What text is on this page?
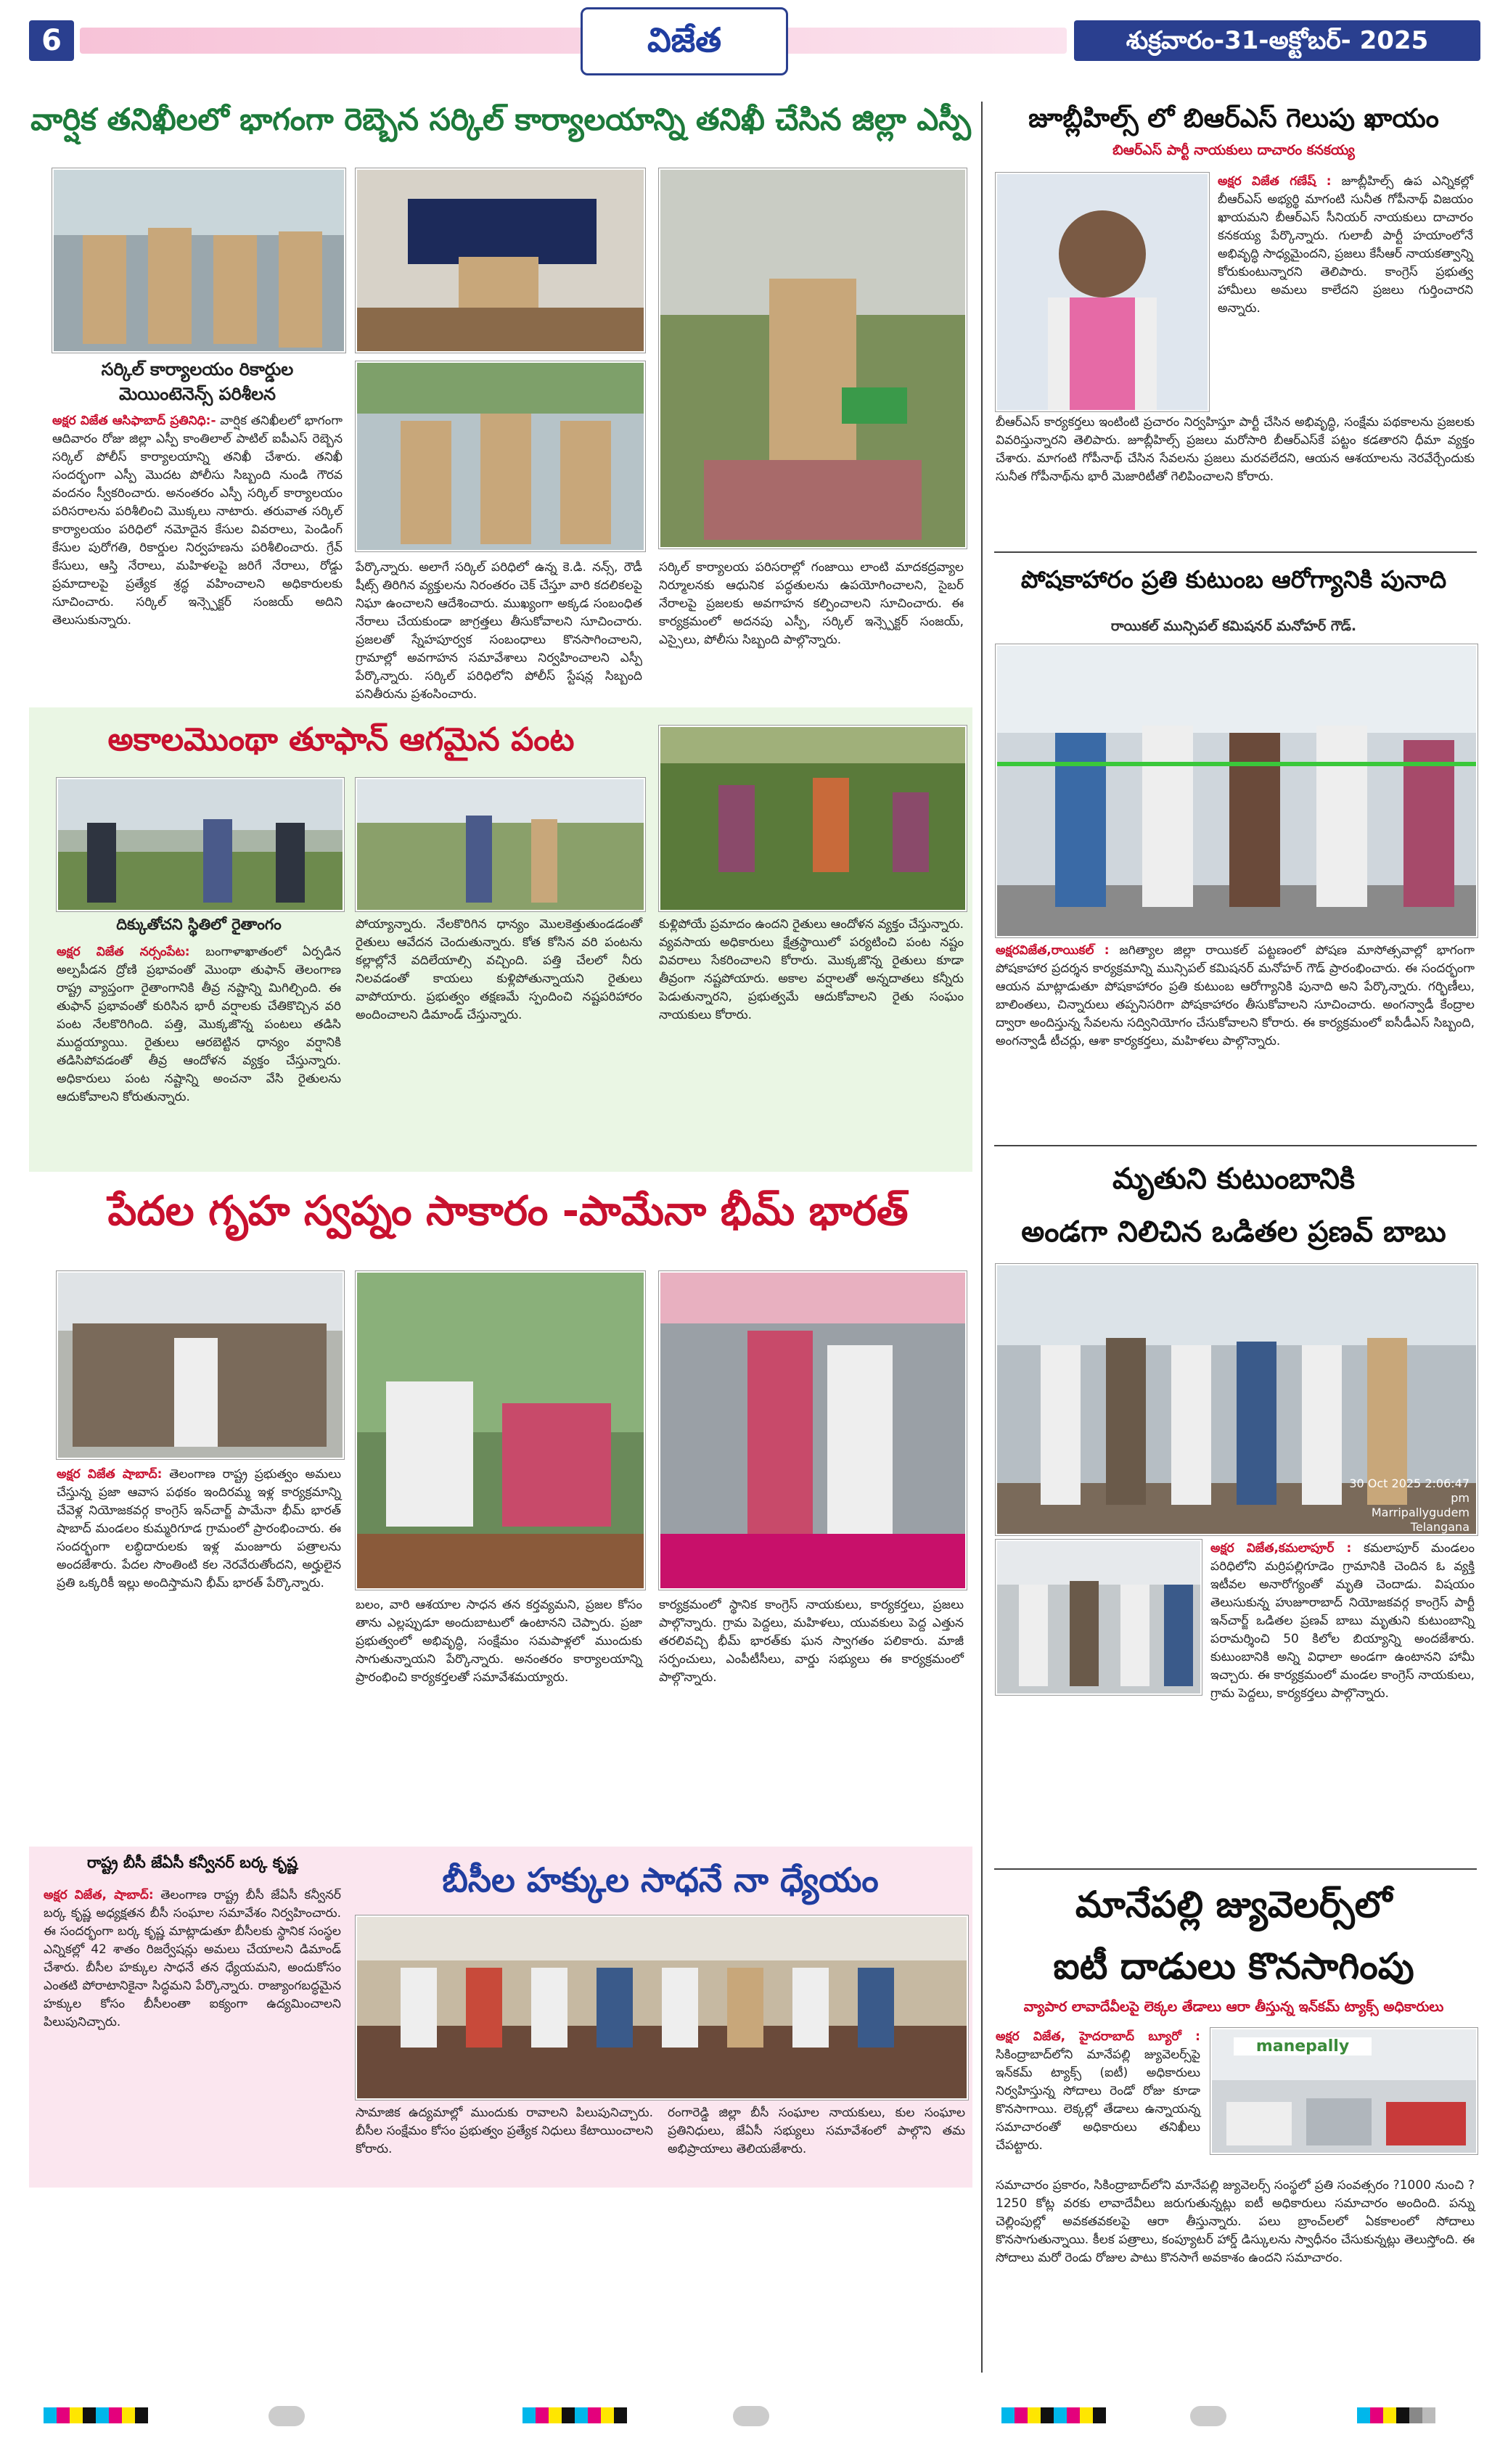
6	విజేత	శుక్రవారం-31-అక్టోబర్- 2025
వార్షిక తనిఖీలలో భాగంగా రెబ్బెన సర్కిల్ కార్యాలయాన్ని తనిఖీ చేసిన జిల్లా ఎస్పీ
సర్కిల్ కార్యాలయం రికార్డుల మెయింటెనెన్స్ పరిశీలన
అక్షర విజేత ఆసిఫాబాద్ ప్రతినిధి:- వార్షిక తనిఖీలలో భాగంగా ఆదివారం రోజు జిల్లా ఎస్పీ కాంతిలాల్ పాటిల్ ఐపీఎస్ రెబ్బెన సర్కిల్ పోలీస్ కార్యాలయాన్ని తనిఖీ చేశారు. తనిఖీ సందర్భంగా ఎస్పీ మొదట పోలీసు సిబ్బంది నుండి గౌరవ వందనం స్వీకరించారు. అనంతరం ఎస్పీ సర్కిల్ కార్యాలయం పరిసరాలను పరిశీలించి మొక్కలు నాటారు. తరువాత సర్కిల్ కార్యాలయం పరిధిలో నమోదైన కేసుల వివరాలు, పెండింగ్ కేసుల పురోగతి, రికార్డుల నిర్వహణను పరిశీలించారు. గ్రేవ్ కేసులు, ఆస్తి నేరాలు, మహిళలపై జరిగే నేరాలు, రోడ్డు ప్రమాదాలపై ప్రత్యేక శ్రద్ధ వహించాలని అధికారులకు సూచించారు. సర్కిల్ ఇన్స్పెక్టర్ సంజయ్ అదిని తెలుసుకున్నారు.
పేర్కొన్నారు. అలాగే సర్కిల్ పరిధిలో ఉన్న కె.డి. నన్స్, రౌడీ షీట్స్ తిరిగిన వ్యక్తులను నిరంతరం చెక్ చేస్తూ వారి కదలికలపై నిఘా ఉంచాలని ఆదేశించారు. ముఖ్యంగా అక్కడ సంబంధిత నేరాలు చేయకుండా జాగ్రత్తలు తీసుకోవాలని సూచించారు. ప్రజలతో స్నేహపూర్వక సంబంధాలు కొనసాగించాలని, గ్రామాల్లో అవగాహన సమావేశాలు నిర్వహించాలని ఎస్పీ పేర్కొన్నారు. సర్కిల్ పరిధిలోని పోలీస్ స్టేషన్ల సిబ్బంది పనితీరును ప్రశంసించారు.
సర్కిల్ కార్యాలయ పరిసరాల్లో గంజాయి లాంటి మాదకద్రవ్యాల నిర్మూలనకు ఆధునిక పద్ధతులను ఉపయోగించాలని, సైబర్ నేరాలపై ప్రజలకు అవగాహన కల్పించాలని సూచించారు. ఈ కార్యక్రమంలో అదనపు ఎస్పీ, సర్కిల్ ఇన్స్పెక్టర్ సంజయ్, ఎస్సైలు, పోలీసు సిబ్బంది పాల్గొన్నారు.
అకాలమొంథా తూఫాన్ ఆగమైన పంట
దిక్కుతోచని స్థితిలో రైతాంగం
అక్షర విజేత నర్సంపేట: బంగాళాఖాతంలో ఏర్పడిన అల్పపీడన ద్రోణి ప్రభావంతో మొంథా తుఫాన్ తెలంగాణ రాష్ట్ర వ్యాప్తంగా రైతాంగానికి తీవ్ర నష్టాన్ని మిగిల్చింది. ఈ తుఫాన్ ప్రభావంతో కురిసిన భారీ వర్షాలకు చేతికొచ్చిన వరి పంట నేలకొరిగింది. పత్తి, మొక్కజొన్న పంటలు తడిసి ముద్దయ్యాయి. రైతులు ఆరబెట్టిన ధాన్యం వర్షానికి తడిసిపోవడంతో తీవ్ర ఆందోళన వ్యక్తం చేస్తున్నారు. అధికారులు పంట నష్టాన్ని అంచనా వేసి రైతులను ఆదుకోవాలని కోరుతున్నారు.
పోయ్యాన్నారు. నేలకొరిగిన ధాన్యం మొలకెత్తుతుండడంతో రైతులు ఆవేదన చెందుతున్నారు. కోత కోసిన వరి పంటను కల్లాల్లోనే వదిలేయాల్సి వచ్చింది. పత్తి చేలలో నీరు నిలవడంతో కాయలు కుళ్లిపోతున్నాయని రైతులు వాపోయారు. ప్రభుత్వం తక్షణమే స్పందించి నష్టపరిహారం అందించాలని డిమాండ్ చేస్తున్నారు.
కుళ్లిపోయే ప్రమాదం ఉందని రైతులు ఆందోళన వ్యక్తం చేస్తున్నారు. వ్యవసాయ అధికారులు క్షేత్రస్థాయిలో పర్యటించి పంట నష్టం వివరాలు సేకరించాలని కోరారు. మొక్కజొన్న రైతులు కూడా తీవ్రంగా నష్టపోయారు. అకాల వర్షాలతో అన్నదాతలు కన్నీరు పెడుతున్నారని, ప్రభుత్వమే ఆదుకోవాలని రైతు సంఘం నాయకులు కోరారు.
పేదల గృహ స్వప్నం సాకారం -పామేనా భీమ్ భారత్
అక్షర విజేత షాబాద్: తెలంగాణ రాష్ట్ర ప్రభుత్వం అమలు చేస్తున్న ప్రజా ఆవాస పథకం ఇందిరమ్మ ఇళ్ల కార్యక్రమాన్ని చేవెళ్ల నియోజకవర్గ కాంగ్రెస్ ఇన్‌చార్జ్ పామేనా భీమ్ భారత్ షాబాద్ మండలం కుమ్మరిగూడ గ్రామంలో ప్రారంభించారు. ఈ సందర్భంగా లబ్ధిదారులకు ఇళ్ల మంజూరు పత్రాలను అందజేశారు. పేదల సొంతింటి కల నెరవేరుతోందని, అర్హులైన ప్రతి ఒక్కరికీ ఇల్లు అందిస్తామని భీమ్ భారత్ పేర్కొన్నారు.
బలం, వారి ఆశయాల సాధన తన కర్తవ్యమని, ప్రజల కోసం తాను ఎల్లప్పుడూ అందుబాటులో ఉంటానని చెప్పారు. ప్రజా ప్రభుత్వంలో అభివృద్ధి, సంక్షేమం సమపాళ్లలో ముందుకు సాగుతున్నాయని పేర్కొన్నారు. అనంతరం కార్యాలయాన్ని ప్రారంభించి కార్యకర్తలతో సమావేశమయ్యారు.
కార్యక్రమంలో స్థానిక కాంగ్రెస్ నాయకులు, కార్యకర్తలు, ప్రజలు పాల్గొన్నారు. గ్రామ పెద్దలు, మహిళలు, యువకులు పెద్ద ఎత్తున తరలివచ్చి భీమ్ భారత్‌కు ఘన స్వాగతం పలికారు. మాజీ సర్పంచులు, ఎంపీటీసీలు, వార్డు సభ్యులు ఈ కార్యక్రమంలో పాల్గొన్నారు.
రాష్ట్ర బీసీ జేఏసీ కన్వీనర్ బర్క కృష్ణ	బీసీల హక్కుల సాధనే నా ధ్యేయం
అక్షర విజేత, షాబాద్: తెలంగాణ రాష్ట్ర బీసీ జేఏసీ కన్వీనర్ బర్క కృష్ణ అధ్యక్షతన బీసీ సంఘాల సమావేశం నిర్వహించారు. ఈ సందర్భంగా బర్క కృష్ణ మాట్లాడుతూ బీసీలకు స్థానిక సంస్థల ఎన్నికల్లో 42 శాతం రిజర్వేషన్లు అమలు చేయాలని డిమాండ్ చేశారు. బీసీల హక్కుల సాధనే తన ధ్యేయమని, అందుకోసం ఎంతటి పోరాటానికైనా సిద్ధమని పేర్కొన్నారు. రాజ్యాంగబద్ధమైన హక్కుల కోసం బీసీలంతా ఐక్యంగా ఉద్యమించాలని పిలుపునిచ్చారు.
సామాజిక ఉద్యమాల్లో ముందుకు రావాలని పిలుపునిచ్చారు. బీసీల సంక్షేమం కోసం ప్రభుత్వం ప్రత్యేక నిధులు కేటాయించాలని కోరారు.
రంగారెడ్డి జిల్లా బీసీ సంఘాల నాయకులు, కుల సంఘాల ప్రతినిధులు, జేఏసీ సభ్యులు సమావేశంలో పాల్గొని తమ అభిప్రాయాలు తెలియజేశారు.
జూబ్లీహిల్స్ లో బిఆర్ఎస్ గెలుపు ఖాయం
బిఆర్ఎస్ పార్టీ నాయకులు దాచారం కనకయ్య
అక్షర విజేత గణేష్ : జూబ్లీహిల్స్ ఉప ఎన్నికల్లో బీఆర్ఎస్ అభ్యర్థి మాగంటి సునీత గోపీనాథ్ విజయం ఖాయమని బీఆర్ఎస్ సీనియర్ నాయకులు దాచారం కనకయ్య పేర్కొన్నారు. గులాబీ పార్టీ హయాంలోనే అభివృద్ధి సాధ్యమైందని, ప్రజలు కేసీఆర్ నాయకత్వాన్ని కోరుకుంటున్నారని తెలిపారు. కాంగ్రెస్ ప్రభుత్వ హామీలు అమలు కాలేదని ప్రజలు గుర్తించారని అన్నారు.
బీఆర్ఎస్ కార్యకర్తలు ఇంటింటి ప్రచారం నిర్వహిస్తూ పార్టీ చేసిన అభివృద్ధి, సంక్షేమ పథకాలను ప్రజలకు వివరిస్తున్నారని తెలిపారు. జూబ్లీహిల్స్ ప్రజలు మరోసారి బీఆర్ఎస్‌కే పట్టం కడతారని ధీమా వ్యక్తం చేశారు. మాగంటి గోపీనాథ్ చేసిన సేవలను ప్రజలు మరవలేదని, ఆయన ఆశయాలను నెరవేర్చేందుకు సునీత గోపీనాథ్‌ను భారీ మెజారిటీతో గెలిపించాలని కోరారు.
పోషకాహారం ప్రతి కుటుంబ ఆరోగ్యానికి పునాది
రాయికల్ మున్సిపల్ కమిషనర్ మనోహర్ గౌడ్.
అక్షరవిజేత,రాయికల్ : జగిత్యాల జిల్లా రాయికల్ పట్టణంలో పోషణ మాసోత్సవాల్లో భాగంగా పోషకాహార ప్రదర్శన కార్యక్రమాన్ని మున్సిపల్ కమిషనర్ మనోహర్ గౌడ్ ప్రారంభించారు. ఈ సందర్భంగా ఆయన మాట్లాడుతూ పోషకాహారం ప్రతి కుటుంబ ఆరోగ్యానికి పునాది అని పేర్కొన్నారు. గర్భిణీలు, బాలింతలు, చిన్నారులు తప్పనిసరిగా పోషకాహారం తీసుకోవాలని సూచించారు. అంగన్వాడీ కేంద్రాల ద్వారా అందిస్తున్న సేవలను సద్వినియోగం చేసుకోవాలని కోరారు. ఈ కార్యక్రమంలో ఐసీడీఎస్ సిబ్బంది, అంగన్వాడీ టీచర్లు, ఆశా కార్యకర్తలు, మహిళలు పాల్గొన్నారు.
మృతుని కుటుంబానికి
అండగా నిలిచిన ఒడితల ప్రణవ్ బాబు
30 Oct 2025 2:06:47 pm
Marripallygudem
Telangana
అక్షర విజేత,కమలాపూర్ : కమలాపూర్ మండలం పరిధిలోని మర్రిపల్లిగూడెం గ్రామానికి చెందిన ఓ వ్యక్తి ఇటీవల అనారోగ్యంతో మృతి చెందాడు. విషయం తెలుసుకున్న హుజూరాబాద్ నియోజకవర్గ కాంగ్రెస్ పార్టీ ఇన్‌చార్జ్ ఒడితల ప్రణవ్ బాబు మృతుని కుటుంబాన్ని పరామర్శించి 50 కిలోల బియ్యాన్ని అందజేశారు. కుటుంబానికి అన్ని విధాలా అండగా ఉంటానని హామీ ఇచ్చారు. ఈ కార్యక్రమంలో మండల కాంగ్రెస్ నాయకులు, గ్రామ పెద్దలు, కార్యకర్తలు పాల్గొన్నారు.
మానేపల్లి జ్యువెలర్స్‌లో
ఐటీ దాడులు కొనసాగింపు
వ్యాపార లావాదేవీలపై లెక్కల తేడాలు ఆరా తీస్తున్న ఇన్‌కమ్ ట్యాక్స్ అధికారులు
అక్షర విజేత, హైదరాబాద్ బ్యూరో : సికింద్రాబాద్‌లోని మానేపల్లి జ్యువెలర్స్‌పై ఇన్‌కమ్ ట్యాక్స్ (ఐటీ) అధికారులు నిర్వహిస్తున్న సోదాలు రెండో రోజు కూడా కొనసాగాయి. లెక్కల్లో తేడాలు ఉన్నాయన్న సమాచారంతో అధికారులు తనిఖీలు చేపట్టారు.
manepally
సమాచారం ప్రకారం, సికింద్రాబాద్‌లోని మానేపల్లి జ్యువెలర్స్ సంస్థలో ప్రతి సంవత్సరం ?1000 నుంచి ?1250 కోట్ల వరకు లావాదేవీలు జరుగుతున్నట్లు ఐటీ అధికారులు సమాచారం అందింది. పన్ను చెల్లింపుల్లో అవకతవకలపై ఆరా తీస్తున్నారు. పలు బ్రాంచ్‌లలో ఏకకాలంలో సోదాలు కొనసాగుతున్నాయి. కీలక పత్రాలు, కంప్యూటర్ హార్డ్ డిస్కులను స్వాధీనం చేసుకున్నట్లు తెలుస్తోంది. ఈ సోదాలు మరో రెండు రోజుల పాటు కొనసాగే అవకాశం ఉందని సమాచారం.
